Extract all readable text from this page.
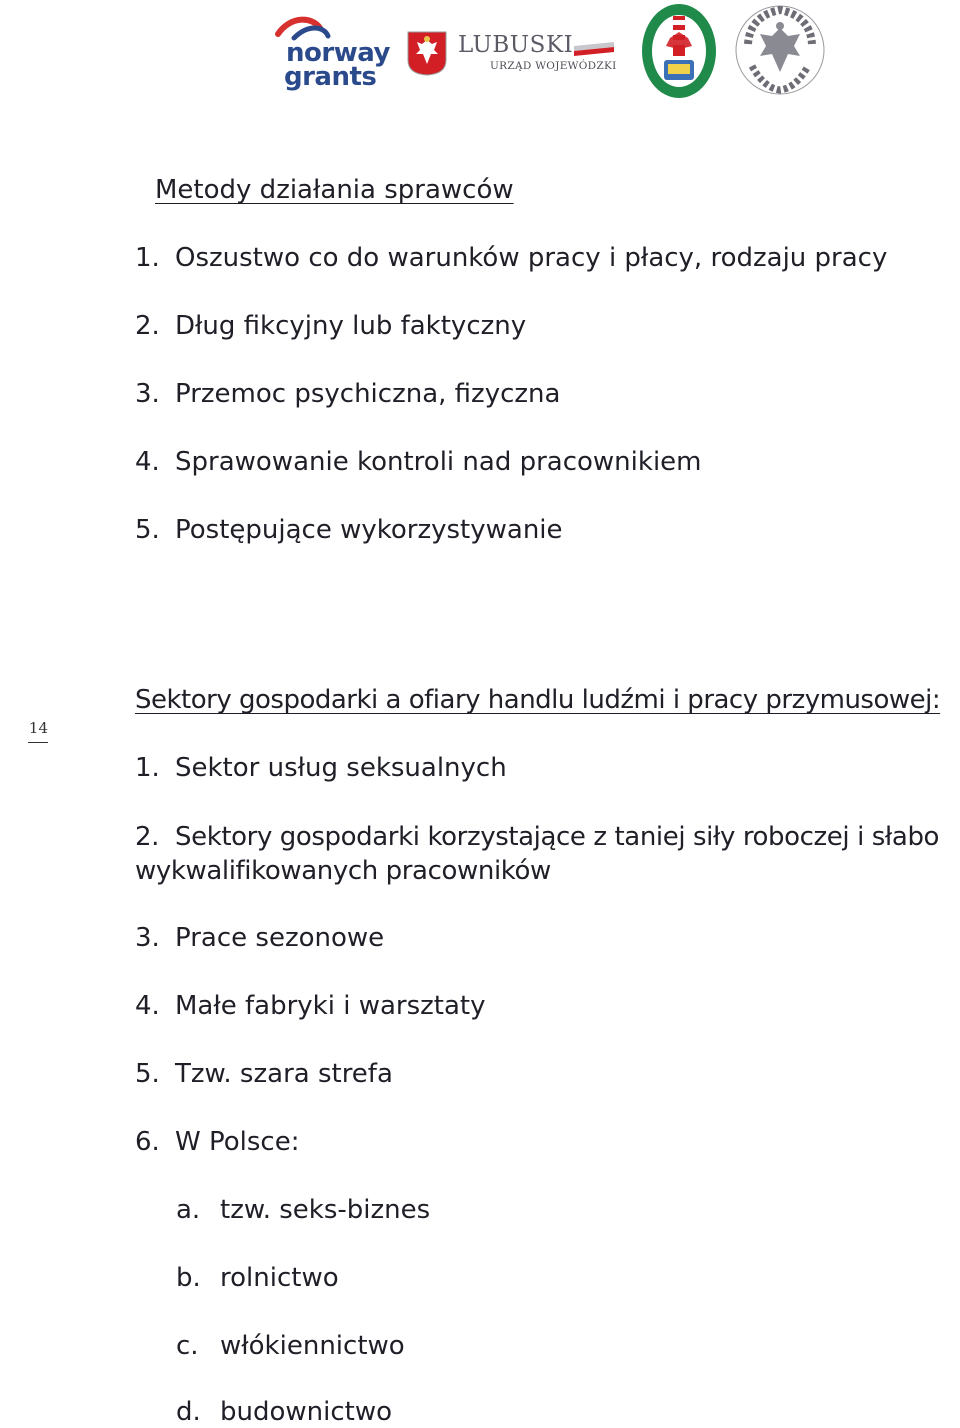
norway
grants
LUBUSKI
URZĄD WOJEWÓDZKI
Metody działania sprawców
1. Oszustwo co do warunków pracy i płacy, rodzaju pracy
2. Dług fikcyjny lub faktyczny
3. Przemoc psychiczna, fizyczna
4. Sprawowanie kontroli nad pracownikiem
5. Postępujące wykorzystywanie
14
Sektory gospodarki a ofiary handlu ludźmi i pracy przymusowej:
1. Sektor usług seksualnych
2. Sektory gospodarki korzystające z taniej siły roboczej i słabo wykwalifikowanych pracowników
3. Prace sezonowe
4. Małe fabryki i warsztaty
5. Tzw. szara strefa
6. W Polsce:
a. tzw. seks-biznes
b. rolnictwo
c. włókiennictwo
d. budownictwo
